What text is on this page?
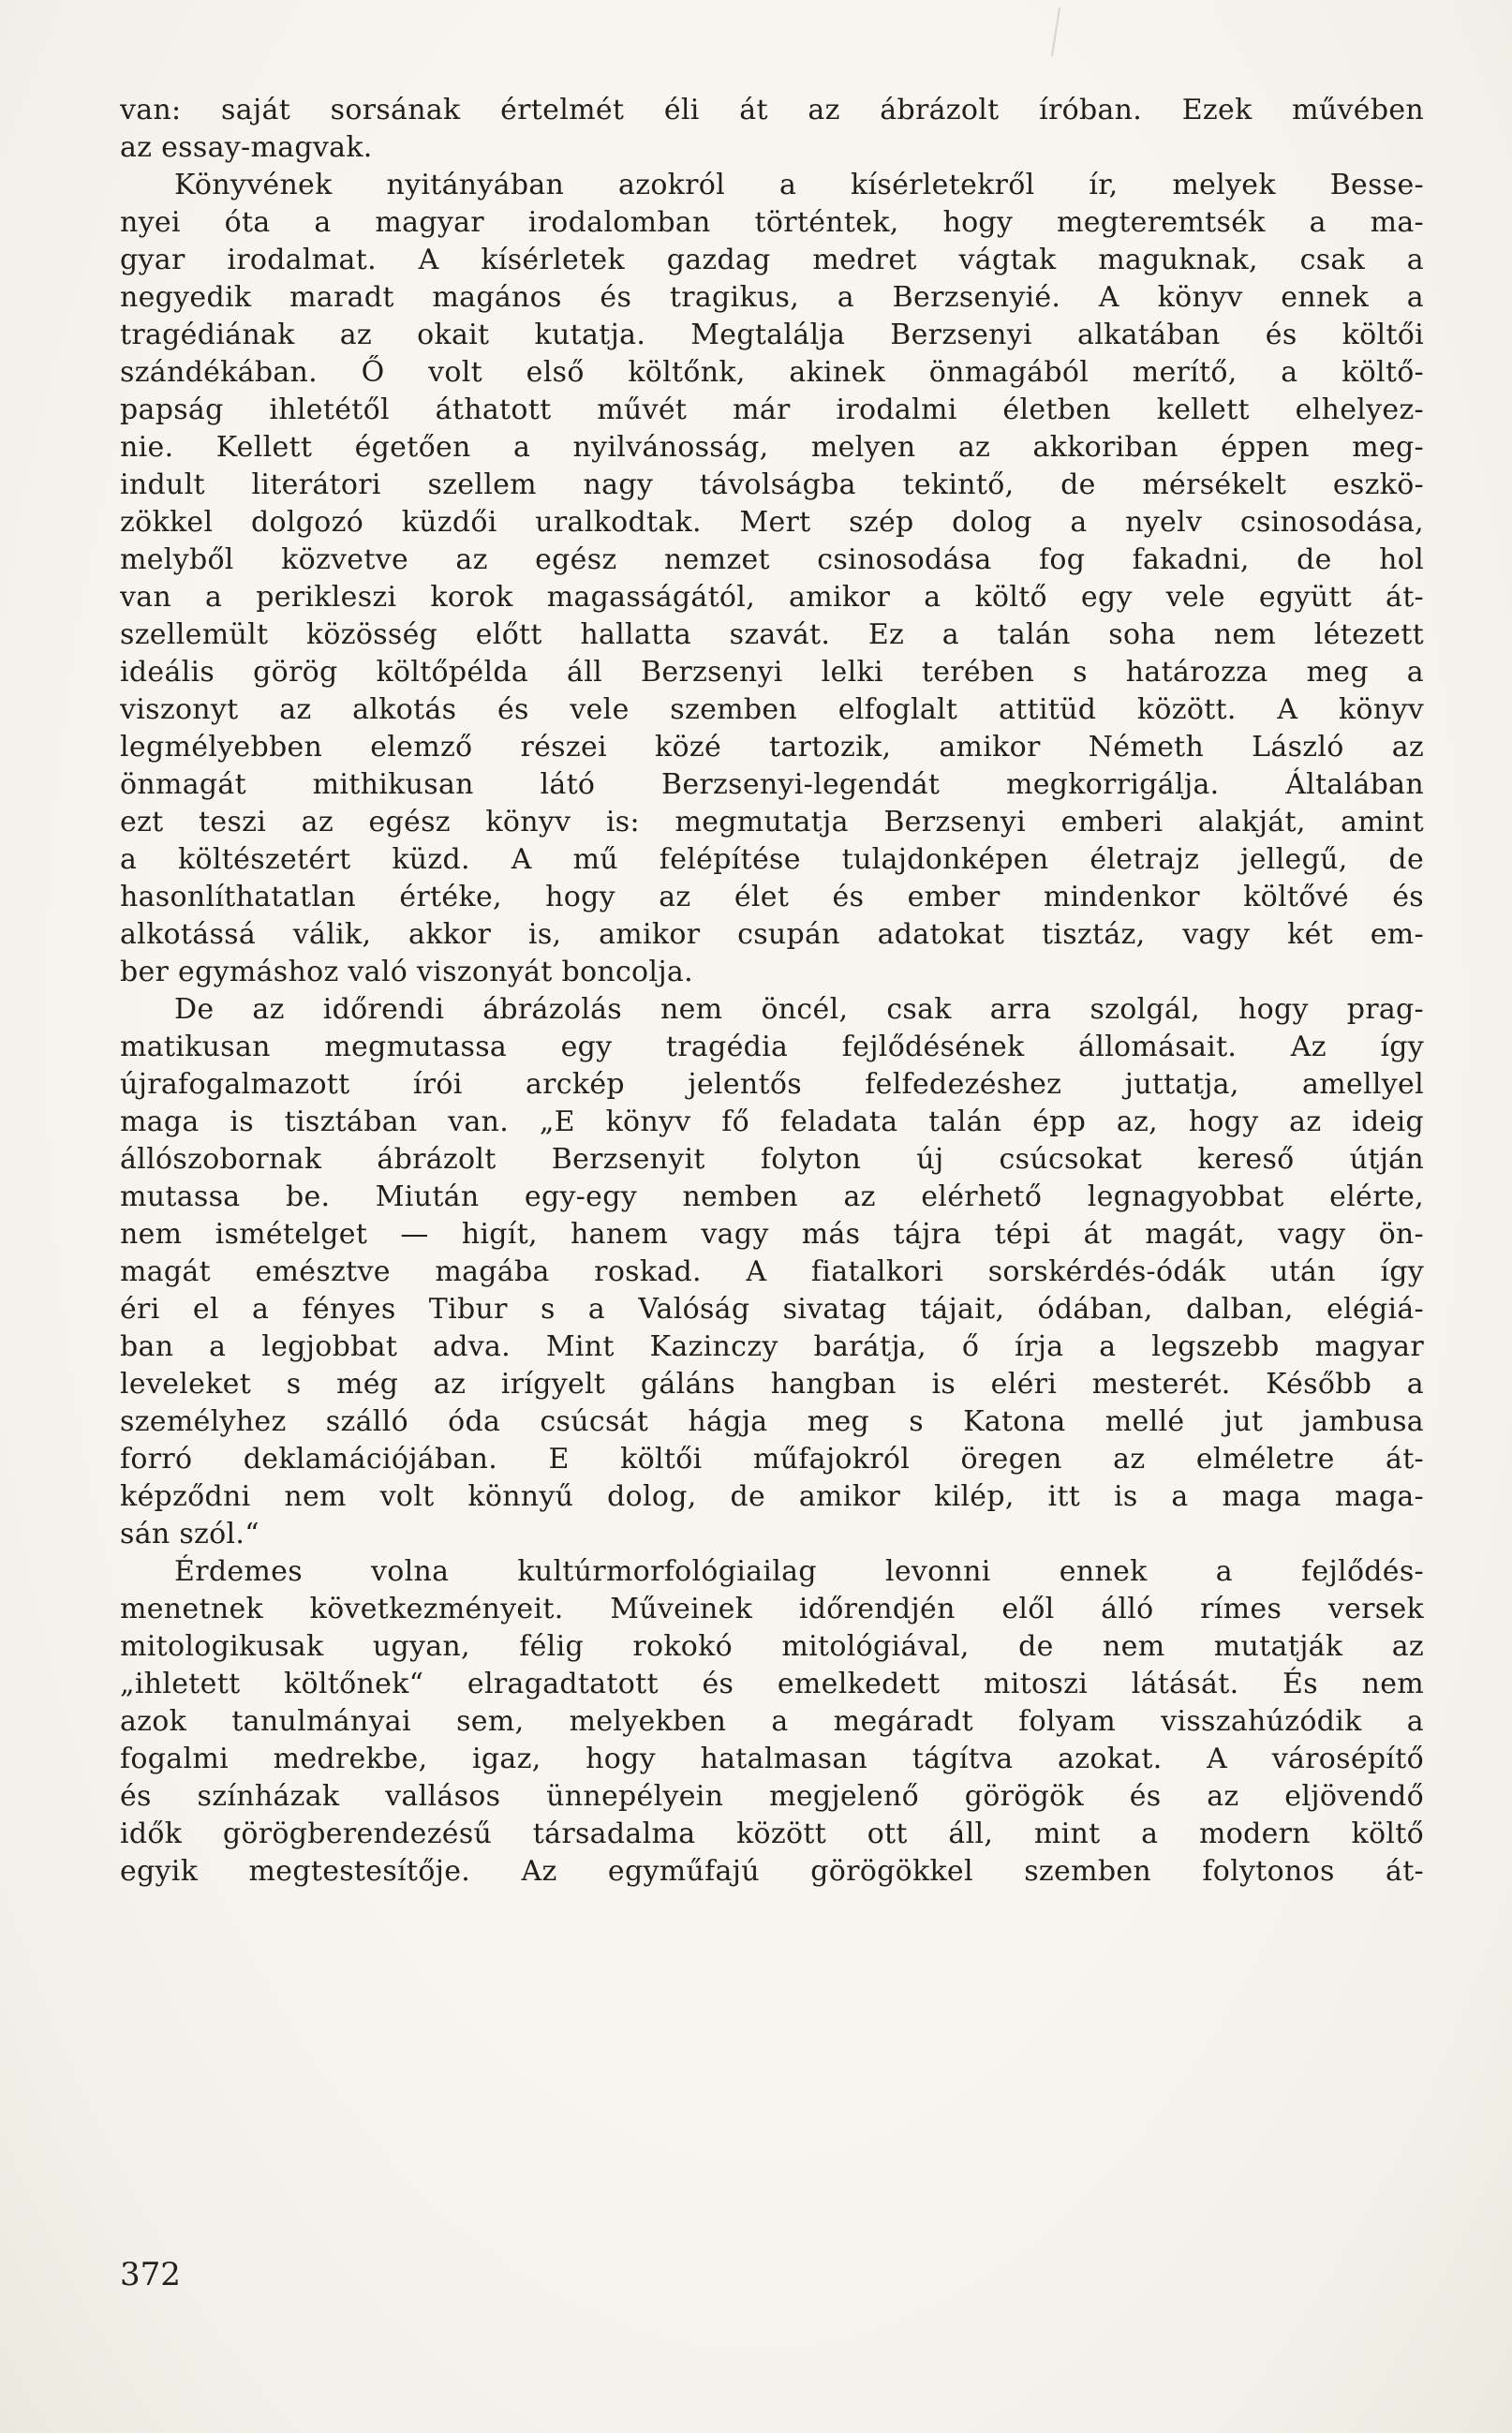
van: saját sorsának értelmét éli át az ábrázolt íróban. Ezek művében
az essay-magvak.
Könyvének nyitányában azokról a kísérletekről ír, melyek Besse-
nyei óta a magyar irodalomban történtek, hogy megteremtsék a ma-
gyar irodalmat. A kísérletek gazdag medret vágtak maguknak, csak a
negyedik maradt magános és tragikus, a Berzsenyié. A könyv ennek a
tragédiának az okait kutatja. Megtalálja Berzsenyi alkatában és költői
szándékában. Ő volt első költőnk, akinek önmagából merítő, a költő-
papság ihletétől áthatott művét már irodalmi életben kellett elhelyez-
nie. Kellett égetően a nyilvánosság, melyen az akkoriban éppen meg-
indult literátori szellem nagy távolságba tekintő, de mérsékelt eszkö-
zökkel dolgozó küzdői uralkodtak. Mert szép dolog a nyelv csinosodása,
melyből közvetve az egész nemzet csinosodása fog fakadni, de hol
van a perikleszi korok magasságától, amikor a költő egy vele együtt át-
szellemült közösség előtt hallatta szavát. Ez a talán soha nem létezett
ideális görög költőpélda áll Berzsenyi lelki terében s határozza meg a
viszonyt az alkotás és vele szemben elfoglalt attitüd között. A könyv
legmélyebben elemző részei közé tartozik, amikor Németh László az
önmagát mithikusan látó Berzsenyi-legendát megkorrigálja. Általában
ezt teszi az egész könyv is: megmutatja Berzsenyi emberi alakját, amint
a költészetért küzd. A mű felépítése tulajdonképen életrajz jellegű, de
hasonlíthatatlan értéke, hogy az élet és ember mindenkor költővé és
alkotássá válik, akkor is, amikor csupán adatokat tisztáz, vagy két em-
ber egymáshoz való viszonyát boncolja.
De az időrendi ábrázolás nem öncél, csak arra szolgál, hogy prag-
matikusan megmutassa egy tragédia fejlődésének állomásait. Az így
újrafogalmazott írói arckép jelentős felfedezéshez juttatja, amellyel
maga is tisztában van. „E könyv fő feladata talán épp az, hogy az ideig
állószobornak ábrázolt Berzsenyit folyton új csúcsokat kereső útján
mutassa be. Miután egy-egy nemben az elérhető legnagyobbat elérte,
nem ismételget — higít, hanem vagy más tájra tépi át magát, vagy ön-
magát emésztve magába roskad. A fiatalkori sorskérdés-ódák után így
éri el a fényes Tibur s a Valóság sivatag tájait, ódában, dalban, elégiá-
ban a legjobbat adva. Mint Kazinczy barátja, ő írja a legszebb magyar
leveleket s még az irígyelt gáláns hangban is eléri mesterét. Később a
személyhez szálló óda csúcsát hágja meg s Katona mellé jut jambusa
forró deklamációjában. E költői műfajokról öregen az elméletre át-
képződni nem volt könnyű dolog, de amikor kilép, itt is a maga maga-
sán szól.“
Érdemes volna kultúrmorfológiailag levonni ennek a fejlődés-
menetnek következményeit. Műveinek időrendjén elől álló rímes versek
mitologikusak ugyan, félig rokokó mitológiával, de nem mutatják az
„ihletett költőnek“ elragadtatott és emelkedett mitoszi látását. És nem
azok tanulmányai sem, melyekben a megáradt folyam visszahúzódik a
fogalmi medrekbe, igaz, hogy hatalmasan tágítva azokat. A városépítő
és színházak vallásos ünnepélyein megjelenő görögök és az eljövendő
idők görögberendezésű társadalma között ott áll, mint a modern költő
egyik megtestesítője. Az egyműfajú görögökkel szemben folytonos át-
372
